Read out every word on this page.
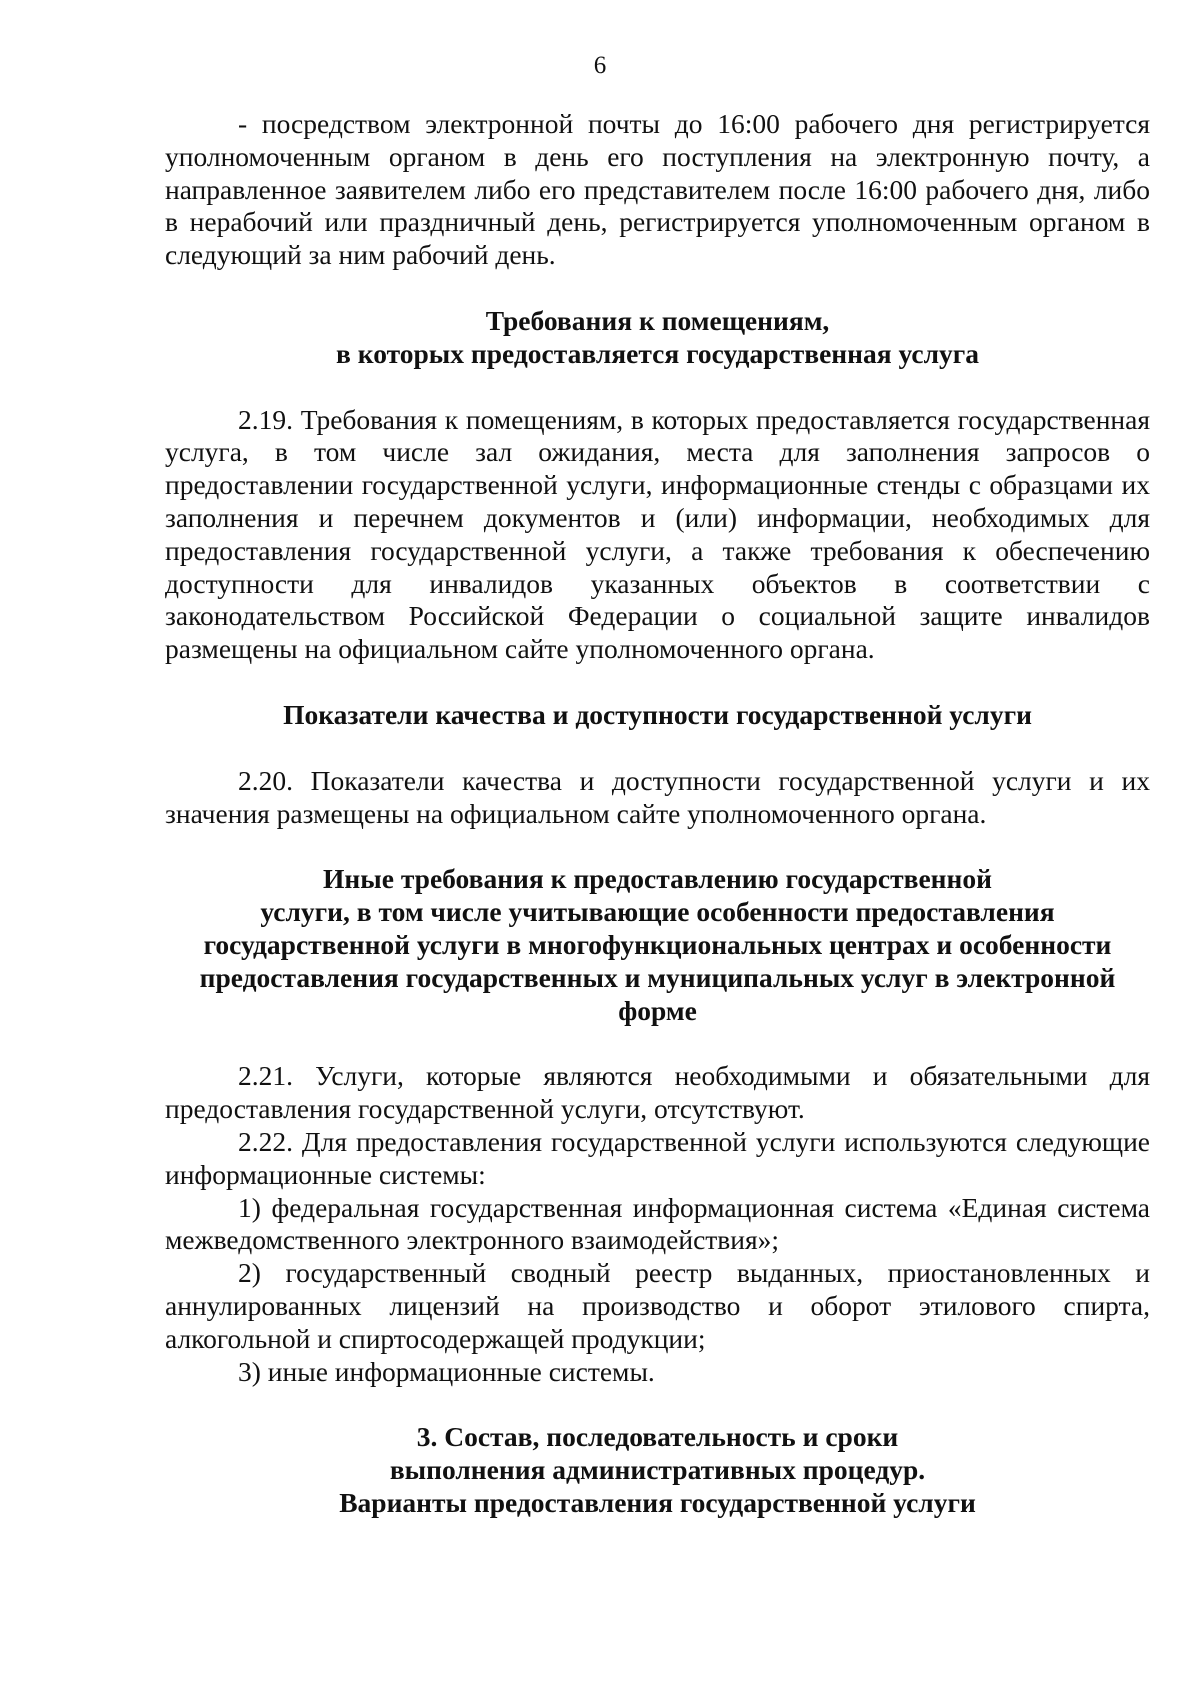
6

- посредством электронной почты до 16:00 рабочего дня регистрируется уполномоченным органом в день его поступления на электронную почту, а направленное заявителем либо его представителем после 16:00 рабочего дня, либо в нерабочий или праздничный день, регистрируется уполномоченным органом в следующий за ним рабочий день.

Требования к помещениям,
в которых предоставляется государственная услуга

2.19. Требования к помещениям, в которых предоставляется государственная услуга, в том числе зал ожидания, места для заполнения запросов о предоставлении государственной услуги, информационные стенды с образцами их заполнения и перечнем документов и (или) информации, необходимых для предоставления государственной услуги, а также требования к обеспечению доступности для инвалидов указанных объектов в соответствии с законодательством Российской Федерации о социальной защите инвалидов размещены на официальном сайте уполномоченного органа.

Показатели качества и доступности государственной услуги

2.20. Показатели качества и доступности государственной услуги и их значения размещены на официальном сайте уполномоченного органа.

Иные требования к предоставлению государственной
услуги, в том числе учитывающие особенности предоставления
государственной услуги в многофункциональных центрах и особенности
предоставления государственных и муниципальных услуг в электронной
форме

2.21. Услуги, которые являются необходимыми и обязательными для предоставления государственной услуги, отсутствуют.

2.22. Для предоставления государственной услуги используются следующие информационные системы:

1) федеральная государственная информационная система «Единая система межведомственного электронного взаимодействия»;

2) государственный сводный реестр выданных, приостановленных и аннулированных лицензий на производство и оборот этилового спирта, алкогольной и спиртосодержащей продукции;

3) иные информационные системы.

3. Состав, последовательность и сроки
выполнения административных процедур.
Варианты предоставления государственной услуги
